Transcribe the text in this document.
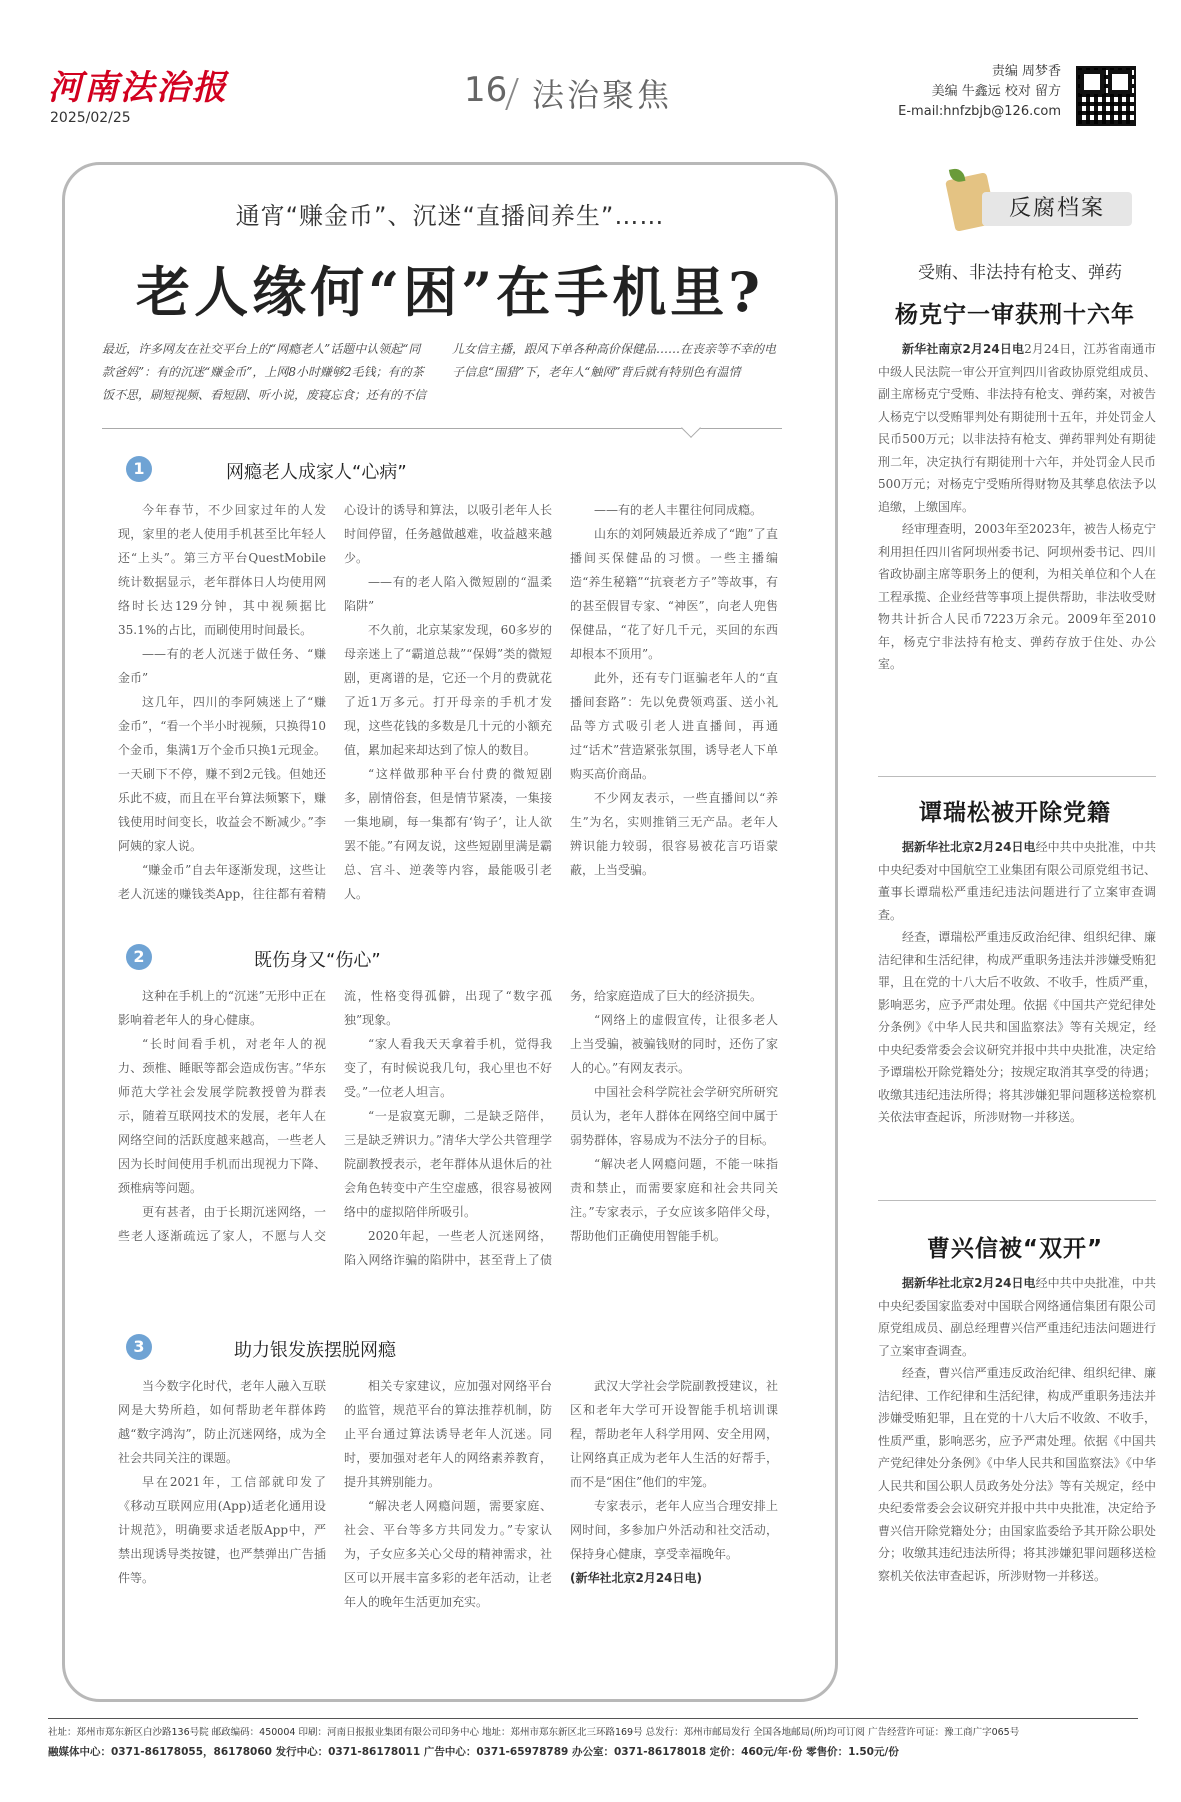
河南法治报
2025/02/25
16 法治聚焦
责编 周梦香
美编 牛鑫远 校对 留方
E-mail:hnfzbjb@126.com
通宵“赚金币”、沉迷“直播间养生”……
老人缘何“困”在手机里?
最近，许多网友在社交平台上的“网瘾老人”话题中认领起“同款爸妈”：有的沉迷“赚金币”，上网8小时赚够2毛钱；有的茶饭不思，刷短视频、看短剧、听小说，废寝忘食；还有的不信儿女信主播，跟风下单各种高价保健品……在丧亲等不幸的电子信息“围猎”下，老年人“触网”背后就有特别色有温情
1	网瘾老人成家人“心病”

今年春节，不少回家过年的人发现，家里的老人使用手机甚至比年轻人还“上头”。第三方平台QuestMobile统计数据显示，老年群体日人均使用网络时长达129分钟，其中视频据比35.1%的占比，而刷使用时间最长。

——有的老人沉迷于做任务、“赚金币”

这几年，四川的李阿姨迷上了“赚金币”，“看一个半小时视频，只换得10个金币，集满1万个金币只换1元现金。一天刷下不停，赚不到2元钱。但她还乐此不疲，而且在平台算法频繁下，赚钱使用时间变长，收益会不断减少。”李阿姨的家人说。

“赚金币”自去年逐渐发现，这些让老人沉迷的赚钱类App，往往都有着精心设计的诱导和算法，以吸引老年人长时间停留，任务越做越难，收益越来越少。

——有的老人陷入微短剧的“温柔陷阱”

不久前，北京某家发现，60多岁的母亲迷上了“霸道总裁”“保姆”类的微短剧，更离谱的是，它还一个月的费就花了近1万多元。打开母亲的手机才发现，这些花钱的多数是几十元的小额充值，累加起来却达到了惊人的数目。

“这样做那种平台付费的微短剧多，剧情俗套，但是情节紧凑，一集接一集地刷，每一集都有‘钩子’，让人欲罢不能。”有网友说，这些短剧里满是霸总、宫斗、逆袭等内容，最能吸引老人。

——有的老人丰瞿往何同成瘾。

山东的刘阿姨最近养成了“跑”了直播间买保健品的习惯。一些主播编造“养生秘籍”“抗衰老方子”等故事，有的甚至假冒专家、“神医”，向老人兜售保健品，“花了好几千元，买回的东西却根本不顶用”。

此外，还有专门诓骗老年人的“直播间套路”：先以免费领鸡蛋、送小礼品等方式吸引老人进直播间，再通过“话术”营造紧张氛围，诱导老人下单购买高价商品。

不少网友表示，一些直播间以“养生”为名，实则推销三无产品。老年人辨识能力较弱，很容易被花言巧语蒙蔽，上当受骗。

2	既伤身又“伤心”

这种在手机上的“沉迷”无形中正在影响着老年人的身心健康。

“长时间看手机，对老年人的视力、颈椎、睡眠等都会造成伤害。”华东师范大学社会发展学院教授曾为群表示，随着互联网技术的发展，老年人在网络空间的活跃度越来越高，一些老人因为长时间使用手机而出现视力下降、颈椎病等问题。

更有甚者，由于长期沉迷网络，一些老人逐渐疏远了家人，不愿与人交流，性格变得孤僻，出现了“数字孤独”现象。

“家人看我天天拿着手机，觉得我变了，有时候说我几句，我心里也不好受。”一位老人坦言。

“一是寂寞无聊，二是缺乏陪伴，三是缺乏辨识力。”清华大学公共管理学院副教授表示，老年群体从退休后的社会角色转变中产生空虚感，很容易被网络中的虚拟陪伴所吸引。

2020年起，一些老人沉迷网络，陷入网络诈骗的陷阱中，甚至背上了债务，给家庭造成了巨大的经济损失。

“网络上的虚假宣传，让很多老人上当受骗，被骗钱财的同时，还伤了家人的心。”有网友表示。

中国社会科学院社会学研究所研究员认为，老年人群体在网络空间中属于弱势群体，容易成为不法分子的目标。

“解决老人网瘾问题，不能一味指责和禁止，而需要家庭和社会共同关注。”专家表示，子女应该多陪伴父母，帮助他们正确使用智能手机。

3	助力银发族摆脱网瘾

当今数字化时代，老年人融入互联网是大势所趋，如何帮助老年群体跨越“数字鸿沟”，防止沉迷网络，成为全社会共同关注的课题。

早在2021年，工信部就印发了《移动互联网应用(App)适老化通用设计规范》，明确要求适老版App中，严禁出现诱导类按键，也严禁弹出广告插件等。

相关专家建议，应加强对网络平台的监管，规范平台的算法推荐机制，防止平台通过算法诱导老年人沉迷。同时，要加强对老年人的网络素养教育，提升其辨别能力。

“解决老人网瘾问题，需要家庭、社会、平台等多方共同发力。”专家认为，子女应多关心父母的精神需求，社区可以开展丰富多彩的老年活动，让老年人的晚年生活更加充实。

武汉大学社会学院副教授建议，社区和老年大学可开设智能手机培训课程，帮助老年人科学用网、安全用网，让网络真正成为老年人生活的好帮手，而不是“困住”他们的牢笼。

专家表示，老年人应当合理安排上网时间，多参加户外活动和社交活动，保持身心健康，享受幸福晚年。

(新华社北京2月24日电)

反腐档案
受贿、非法持有枪支、弹药
杨克宁一审获刑十六年

新华社南京2月24日电2月24日，江苏省南通市中级人民法院一审公开宣判四川省政协原党组成员、副主席杨克宁受贿、非法持有枪支、弹药案，对被告人杨克宁以受贿罪判处有期徒刑十五年，并处罚金人民币500万元；以非法持有枪支、弹药罪判处有期徒刑二年，决定执行有期徒刑十六年，并处罚金人民币500万元；对杨克宁受贿所得财物及其孳息依法予以追缴，上缴国库。

经审理查明，2003年至2023年，被告人杨克宁利用担任四川省阿坝州委书记、阿坝州委书记、四川省政协副主席等职务上的便利，为相关单位和个人在工程承揽、企业经营等事项上提供帮助，非法收受财物共计折合人民币7223万余元。2009年至2010年，杨克宁非法持有枪支、弹药存放于住处、办公室。

谭瑞松被开除党籍

据新华社北京2月24日电经中共中央批准，中共中央纪委对中国航空工业集团有限公司原党组书记、董事长谭瑞松严重违纪违法问题进行了立案审查调查。

经查，谭瑞松严重违反政治纪律、组织纪律、廉洁纪律和生活纪律，构成严重职务违法并涉嫌受贿犯罪，且在党的十八大后不收敛、不收手，性质严重，影响恶劣，应予严肃处理。依据《中国共产党纪律处分条例》《中华人民共和国监察法》等有关规定，经中央纪委常委会会议研究并报中共中央批准，决定给予谭瑞松开除党籍处分；按规定取消其享受的待遇；收缴其违纪违法所得；将其涉嫌犯罪问题移送检察机关依法审查起诉，所涉财物一并移送。

曹兴信被“双开”

据新华社北京2月24日电经中共中央批准，中共中央纪委国家监委对中国联合网络通信集团有限公司原党组成员、副总经理曹兴信严重违纪违法问题进行了立案审查调查。

经查，曹兴信严重违反政治纪律、组织纪律、廉洁纪律、工作纪律和生活纪律，构成严重职务违法并涉嫌受贿犯罪，且在党的十八大后不收敛、不收手，性质严重，影响恶劣，应予严肃处理。依据《中国共产党纪律处分条例》《中华人民共和国监察法》《中华人民共和国公职人员政务处分法》等有关规定，经中央纪委常委会会议研究并报中共中央批准，决定给予曹兴信开除党籍处分；由国家监委给予其开除公职处分；收缴其违纪违法所得；将其涉嫌犯罪问题移送检察机关依法审查起诉，所涉财物一并移送。

社址：郑州市郑东新区白沙路136号院 邮政编码：450004 印刷：河南日报报业集团有限公司印务中心 地址：郑州市郑东新区北三环路169号 总发行：郑州市邮局发行 全国各地邮局(所)均可订阅 广告经营许可证：豫工商广字065号
融媒体中心：0371-86178055，86178060 发行中心：0371-86178011 广告中心：0371-65978789 办公室：0371-86178018 定价：460元/年·份 零售价：1.50元/份
